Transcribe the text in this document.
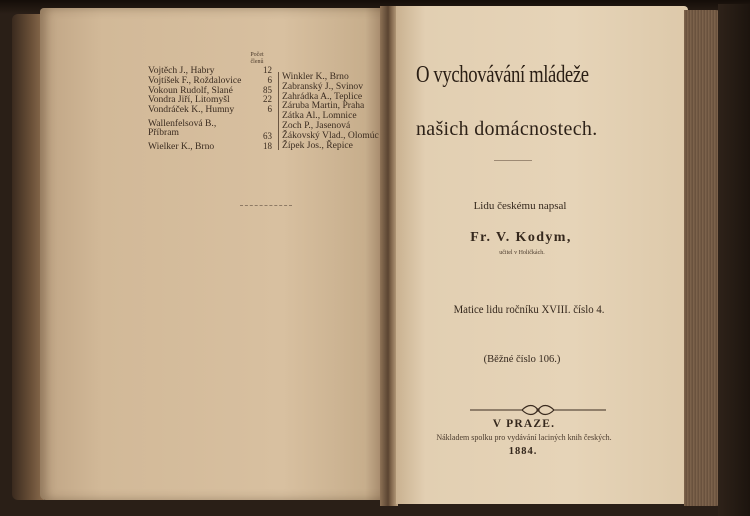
Počet členů
Vojtěch J., Habry	12
Vojtíšek F., Roždalovice	6
Vokoun Rudolf, Slané	85
Vondra Jiří, Litomyšl	22
Vondráček K., Humny	6
Wallenfelsová B., Příbram	63
Wielker K., Brno	18
Winkler K., Brno
Zabranský J., Svinov
Zahrádka A., Teplice
Záruba Martin, Praha
Zátka Al., Lomnice
Zoch P., Jasenová
Žákovský Vlad., Olomúc
Žípek Jos., Řepice
O vychovávání mládeže
našich domácnostech.
Lidu českému napsal
Fr. V. Kodym,
učitel v Holičkách.
Matice lidu ročníku XVIII. číslo 4.
(Běžné číslo 106.)
V PRAZE.
Nákladem spolku pro vydávání laciných knih českých.
1884.
